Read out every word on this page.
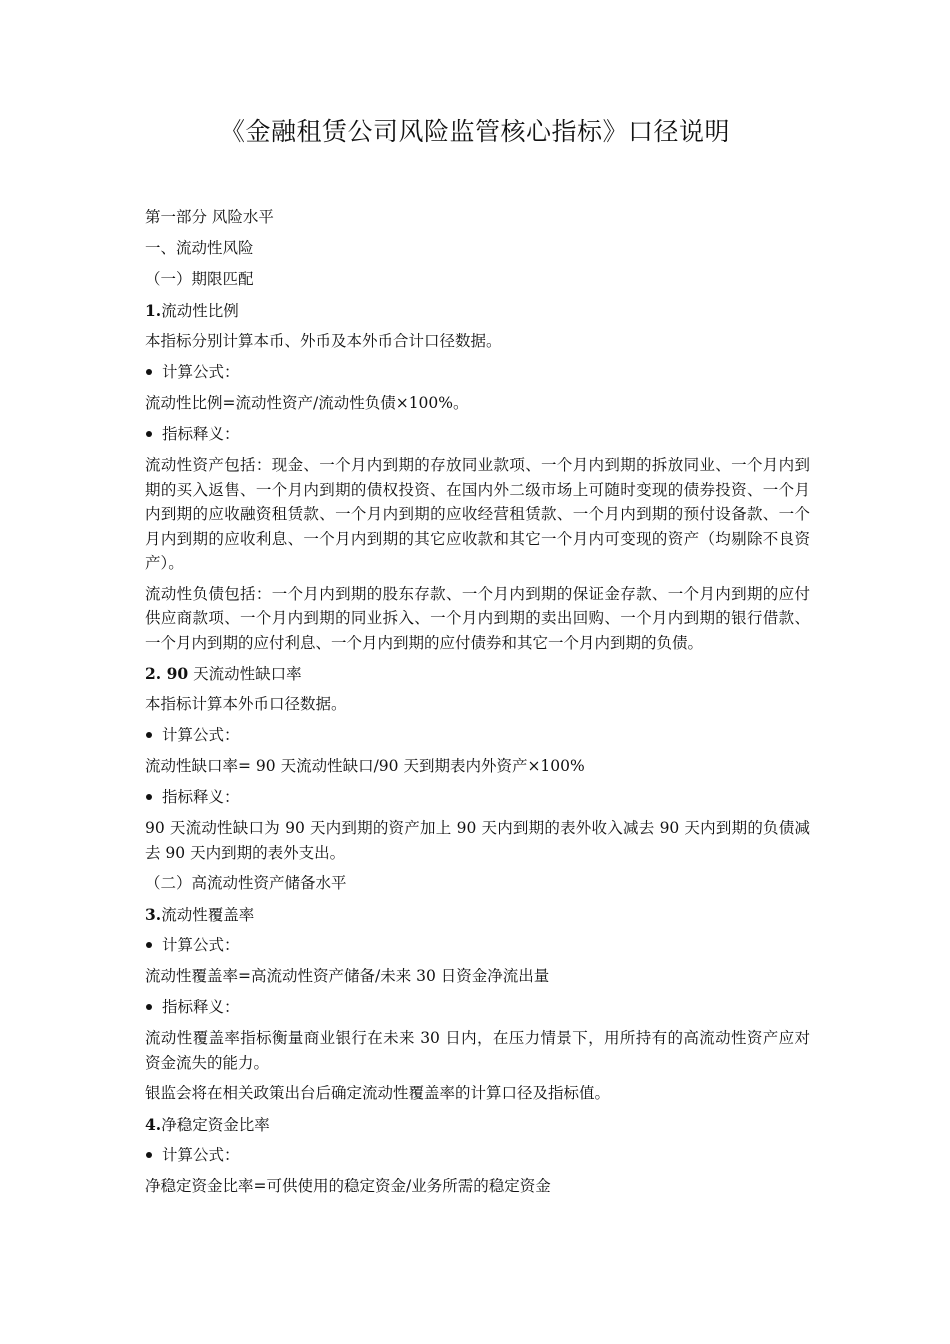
《金融租赁公司风险监管核心指标》口径说明
第一部分 风险水平
一、流动性风险
（一）期限匹配
1.流动性比例
本指标分别计算本币、外币及本外币合计口径数据。
计算公式：
流动性比例=流动性资产/流动性负债×100%。
指标释义：
流动性资产包括：现金、一个月内到期的存放同业款项、一个月内到期的拆放同业、一个月内到期的买入返售、一个月内到期的债权投资、在国内外二级市场上可随时变现的债券投资、一个月内到期的应收融资租赁款、一个月内到期的应收经营租赁款、一个月内到期的预付设备款、一个月内到期的应收利息、一个月内到期的其它应收款和其它一个月内可变现的资产（均剔除不良资产）。
流动性负债包括：一个月内到期的股东存款、一个月内到期的保证金存款、一个月内到期的应付供应商款项、一个月内到期的同业拆入、一个月内到期的卖出回购、一个月内到期的银行借款、一个月内到期的应付利息、一个月内到期的应付债券和其它一个月内到期的负债。
2. 90 天流动性缺口率
本指标计算本外币口径数据。
计算公式：
流动性缺口率= 90 天流动性缺口/90 天到期表内外资产×100%
指标释义：
90 天流动性缺口为 90 天内到期的资产加上 90 天内到期的表外收入减去 90 天内到期的负债减去 90 天内到期的表外支出。
（二）高流动性资产储备水平
3.流动性覆盖率
计算公式：
流动性覆盖率=高流动性资产储备/未来 30 日资金净流出量
指标释义：
流动性覆盖率指标衡量商业银行在未来 30 日内，在压力情景下，用所持有的高流动性资产应对资金流失的能力。
银监会将在相关政策出台后确定流动性覆盖率的计算口径及指标值。
4.净稳定资金比率
计算公式：
净稳定资金比率=可供使用的稳定资金/业务所需的稳定资金
